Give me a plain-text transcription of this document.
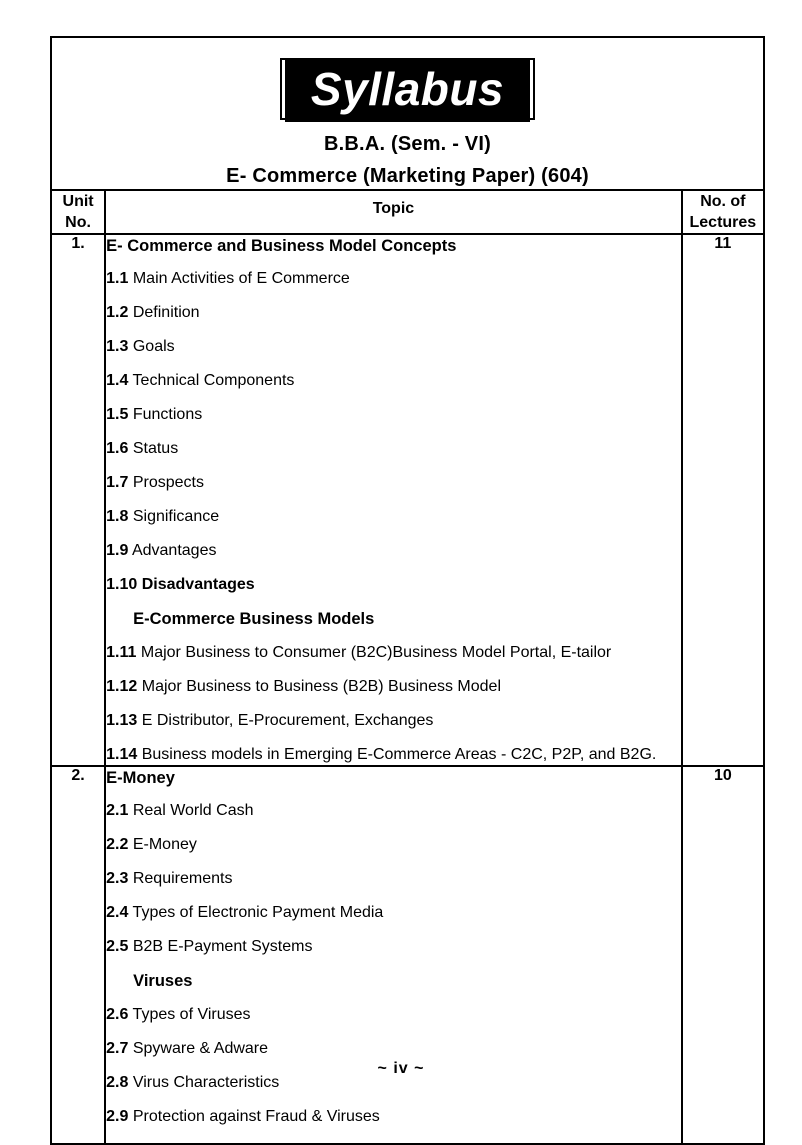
Syllabus
B.B.A. (Sem. - VI)
E- Commerce (Marketing Paper) (604)		

Unit
No.
	Topic	No. of
Lectures

1.	E- Commerce and Business Model Concepts
1.1 Main Activities of E Commerce
1.2 Definition
1.3 Goals
1.4 Technical Components
1.5 Functions
1.6 Status
1.7 Prospects
1.8 Significance
1.9 Advantages
1.10 Disadvantages
E-Commerce Business Models
1.11 Major Business to Consumer (B2C)Business Model Portal, E-tailor
1.12 Major Business to Business (B2B) Business Model
1.13 E Distributor, E-Procurement, Exchanges
1.14 Business models in Emerging E-Commerce Areas - C2C, P2P, and B2G.
	11
2.	E-Money
2.1 Real World Cash
2.2 E-Money
2.3 Requirements
2.4 Types of Electronic Payment Media
2.5 B2B E-Payment Systems
Viruses
2.6 Types of Viruses
2.7 Spyware & Adware
2.8 Virus Characteristics
2.9 Protection against Fraud & Viruses
	10
~ iv ~
